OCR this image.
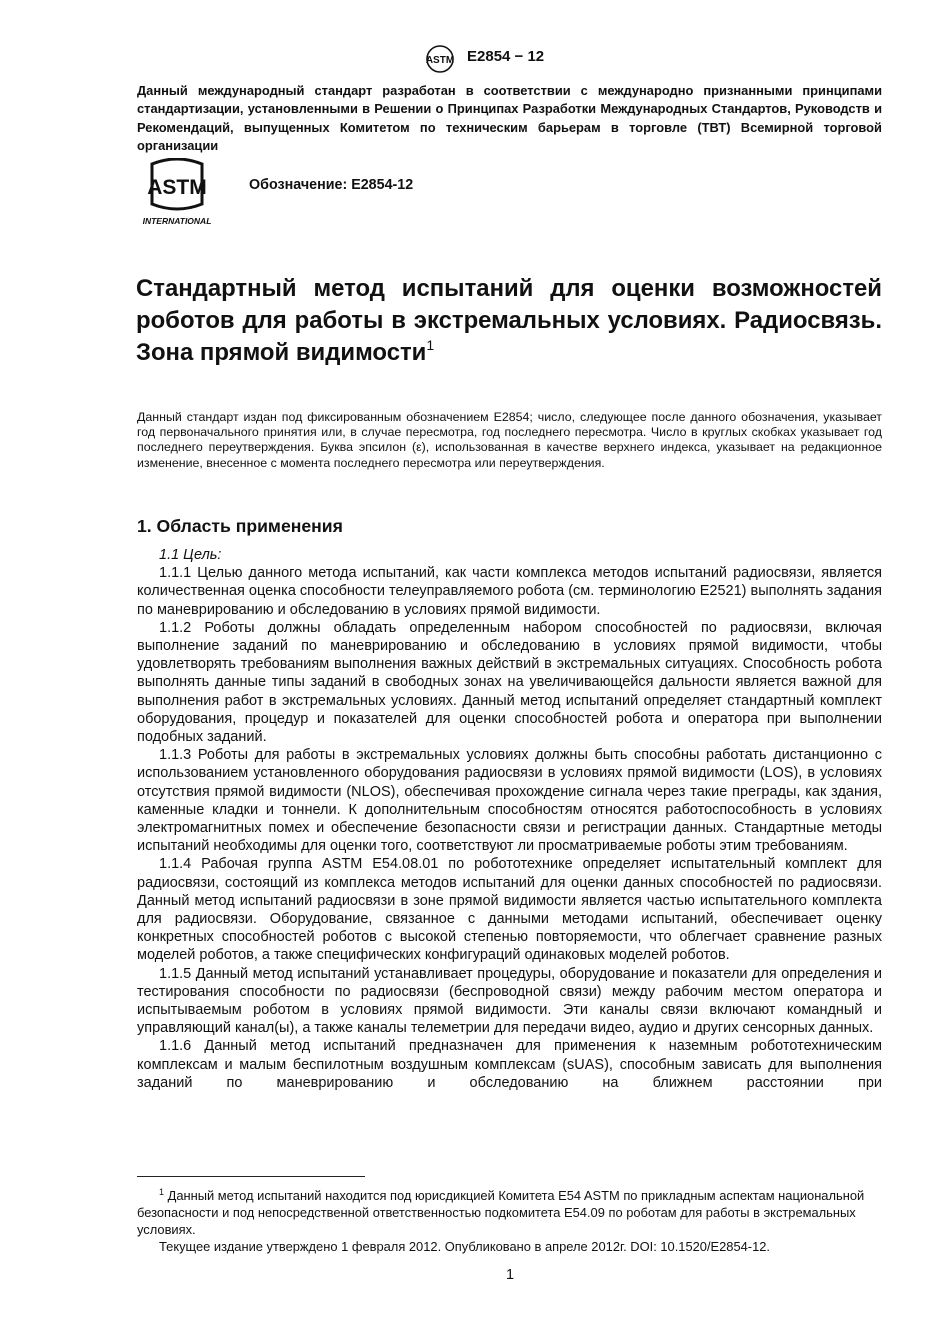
ASTM E2854 − 12
Данный международный стандарт разработан в соответствии с международно признанными принципами стандартизации, установленными в Решении о Принципах Разработки Международных Стандартов, Руководств и Рекомендаций, выпущенных Комитетом по техническим барьерам в торговле (ТВТ) Всемирной торговой организации
ASTM
INTERNATIONAL
Обозначение: E2854-12
Стандартный метод испытаний для оценки возможностей роботов для работы в экстремальных условиях. Радиосвязь. Зона прямой видимости$^1$
Данный стандарт издан под фиксированным обозначением E2854; число, следующее после данного обозначения, указывает год первоначального принятия или, в случае пересмотра, год последнего пересмотра. Число в круглых скобках указывает год последнего переутверждения. Буква эпсилон (ε), использованная в качестве верхнего индекса, указывает на редакционное изменение, внесенное с момента последнего пересмотра или переутверждения.
1. Область применения

1.1 Цель:

1.1.1 Целью данного метода испытаний, как части комплекса методов испытаний радиосвязи, является количественная оценка способности телеуправляемого робота (см. терминологию E2521) выполнять задания по маневрированию и обследованию в условиях прямой видимости.

1.1.2 Роботы должны обладать определенным набором способностей по радиосвязи, включая выполнение заданий по маневрированию и обследованию в условиях прямой видимости, чтобы удовлетворять требованиям выполнения важных действий в экстремальных ситуациях. Способность робота выполнять данные типы заданий в свободных зонах на увеличивающейся дальности является важной для выполнения работ в экстремальных условиях. Данный метод испытаний определяет стандартный комплект оборудования, процедур и показателей для оценки способностей робота и оператора при выполнении подобных заданий.

1.1.3 Роботы для работы в экстремальных условиях должны быть способны работать дистанционно с использованием установленного оборудования радиосвязи в условиях прямой видимости (LOS), в условиях отсутствия прямой видимости (NLOS), обеспечивая прохождение сигнала через такие преграды, как здания, каменные кладки и тоннели. К дополнительным способностям относятся работоспособность в условиях электромагнитных помех и обеспечение безопасности связи и регистрации данных. Стандартные методы испытаний необходимы для оценки того, соответствуют ли просматриваемые роботы этим требованиям.

1.1.4 Рабочая группа ASTM E54.08.01 по робототехнике определяет испытательный комплект для радиосвязи, состоящий из комплекса методов испытаний для оценки данных способностей по радиосвязи. Данный метод испытаний радиосвязи в зоне прямой видимости является частью испытательного комплекта для радиосвязи. Оборудование, связанное с данными методами испытаний, обеспечивает оценку конкретных способностей роботов с высокой степенью повторяемости, что облегчает сравнение разных моделей роботов, а также специфических конфигураций одинаковых моделей роботов.

1.1.5 Данный метод испытаний устанавливает процедуры, оборудование и показатели для определения и тестирования способности по радиосвязи (беспроводной связи) между рабочим местом оператора и испытываемым роботом в условиях прямой видимости. Эти каналы связи включают командный и управляющий канал(ы), а также каналы телеметрии для передачи видео, аудио и других сенсорных данных.

1.1.6 Данный метод испытаний предназначен для применения к наземным робототехническим комплексам и малым беспилотным воздушным комплексам (sUAS), способным зависать для выполнения заданий по маневрированию и обследованию на ближнем расстоянии при

$^1$ Данный метод испытаний находится под юрисдикцией Комитета E54 ASTM по прикладным аспектам национальной безопасности и под непосредственной ответственностью подкомитета E54.09 по роботам для работы в экстремальных условиях.

Текущее издание утверждено 1 февраля 2012. Опубликовано в апреле 2012г. DOI: 10.1520/E2854-12.

1
